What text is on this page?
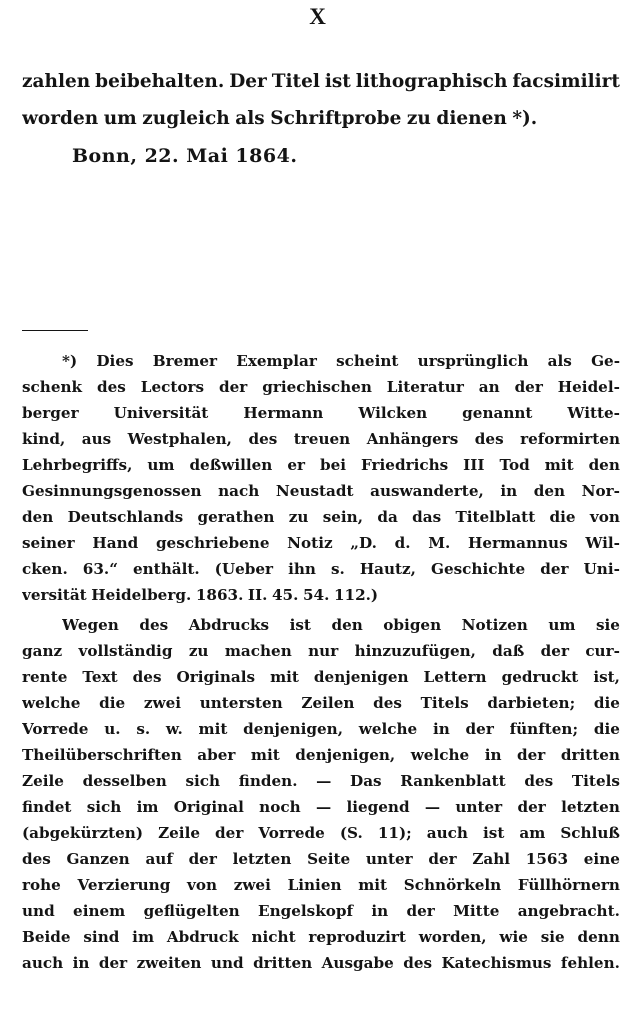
X
zahlen beibehalten. Der Titel ist lithographisch facsimilirt
worden um zugleich als Schriftprobe zu dienen *).
Bonn, 22. Mai 1864.
*) Dies Bremer Exemplar scheint ursprünglich als Ge-
schenk des Lectors der griechischen Literatur an der Heidel-
berger Universität Hermann Wilcken genannt Witte-
kind, aus Westphalen, des treuen Anhängers des reformirten
Lehrbegriffs, um deßwillen er bei Friedrichs III Tod mit den
Gesinnungsgenossen nach Neustadt auswanderte, in den Nor-
den Deutschlands gerathen zu sein, da das Titelblatt die von
seiner Hand geschriebene Notiz „D. d. M. Hermannus Wil-
cken. 63.“ enthält. (Ueber ihn s. Hautz, Geschichte der Uni-
versität Heidelberg. 1863. II. 45. 54. 112.)
Wegen des Abdrucks ist den obigen Notizen um sie
ganz vollständig zu machen nur hinzuzufügen, daß der cur-
rente Text des Originals mit denjenigen Lettern gedruckt ist,
welche die zwei untersten Zeilen des Titels darbieten; die
Vorrede u. s. w. mit denjenigen, welche in der fünften; die
Theilüberschriften aber mit denjenigen, welche in der dritten
Zeile desselben sich finden. — Das Rankenblatt des Titels
findet sich im Original noch — liegend — unter der letzten
(abgekürzten) Zeile der Vorrede (S. 11); auch ist am Schluß
des Ganzen auf der letzten Seite unter der Zahl 1563 eine
rohe Verzierung von zwei Linien mit Schnörkeln Füllhörnern
und einem geflügelten Engelskopf in der Mitte angebracht.
Beide sind im Abdruck nicht reproduzirt worden, wie sie denn
auch in der zweiten und dritten Ausgabe des Katechismus fehlen.
